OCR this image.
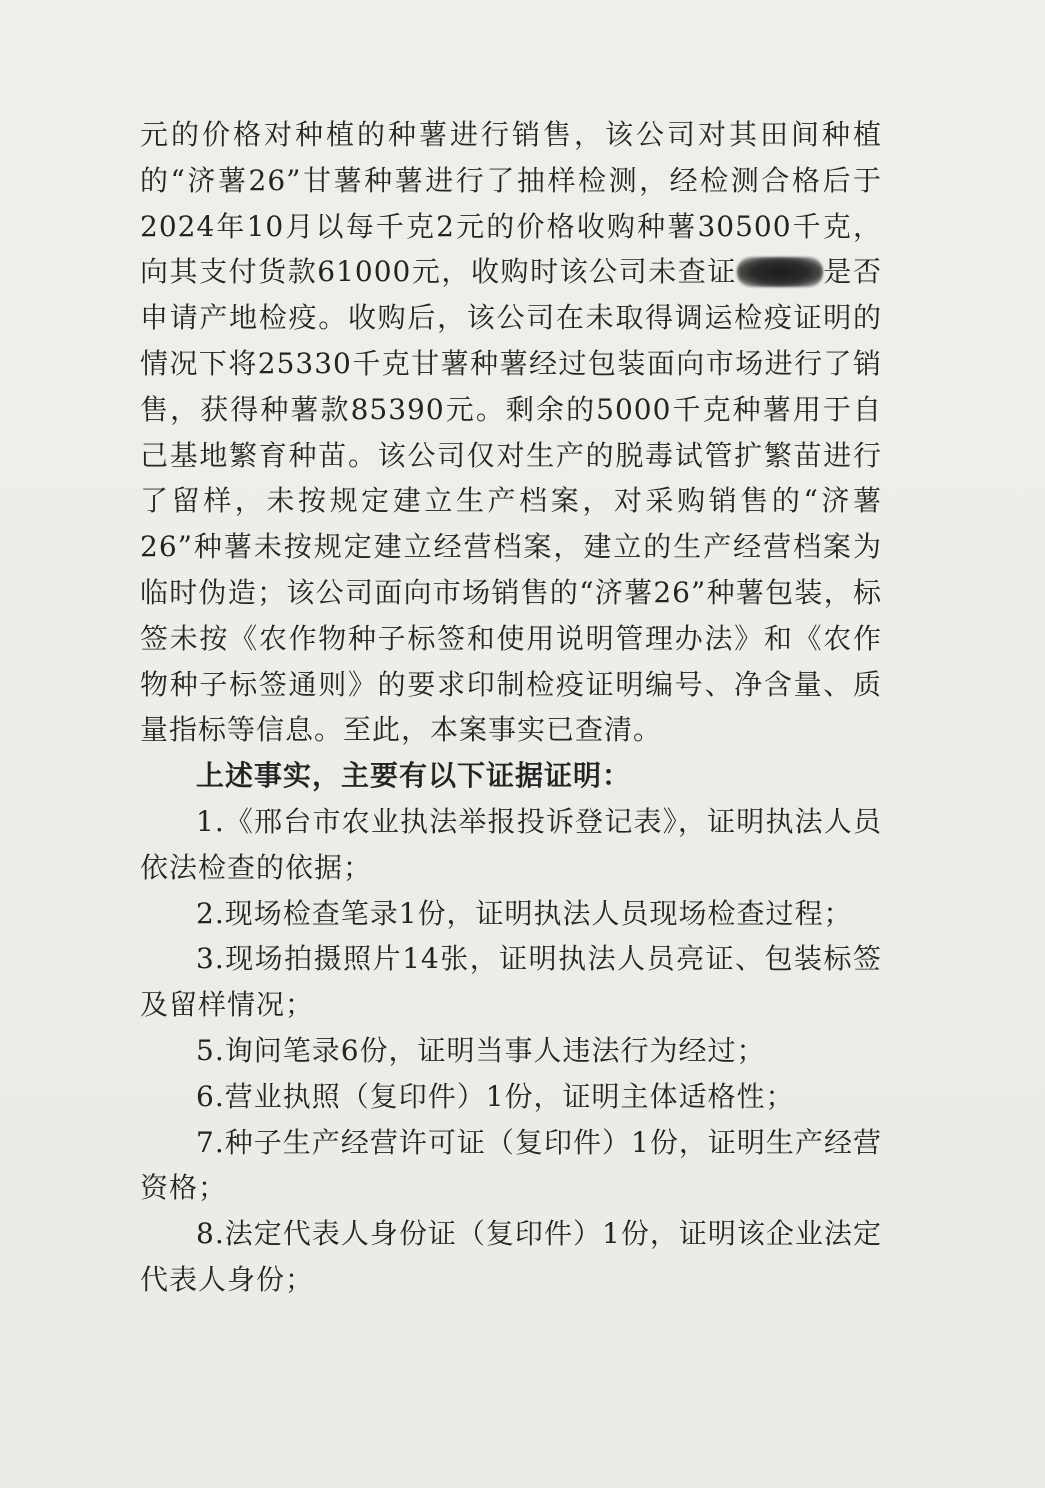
元的价格对种植的种薯进行销售，该公司对其田间种植的“济薯26”甘薯种薯进行了抽样检测，经检测合格后于2024年10月以每千克2元的价格收购种薯30500千克，向其支付货款61000元，收购时该公司未查证	是否申请产地检疫。收购后，该公司在未取得调运检疫证明的情况下将25330千克甘薯种薯经过包装面向市场进行了销售，获得种薯款85390元。剩余的5000千克种薯用于自己基地繁育种苗。该公司仅对生产的脱毒试管扩繁苗进行了留样，未按规定建立生产档案，对采购销售的“济薯26”种薯未按规定建立经营档案，建立的生产经营档案为临时伪造；该公司面向市场销售的“济薯26”种薯包装，标签未按《农作物种子标签和使用说明管理办法》和《农作物种子标签通则》的要求印制检疫证明编号、净含量、质量指标等信息。至此，本案事实已查清。

上述事实，主要有以下证据证明：

1.《邢台市农业执法举报投诉登记表》，证明执法人员依法检查的依据；

2.现场检查笔录1份，证明执法人员现场检查过程；

3.现场拍摄照片14张，证明执法人员亮证、包装标签及留样情况；

5.询问笔录6份，证明当事人违法行为经过；

6.营业执照（复印件）1份，证明主体适格性；

7.种子生产经营许可证（复印件）1份，证明生产经营资格；

8.法定代表人身份证（复印件）1份，证明该企业法定代表人身份；
